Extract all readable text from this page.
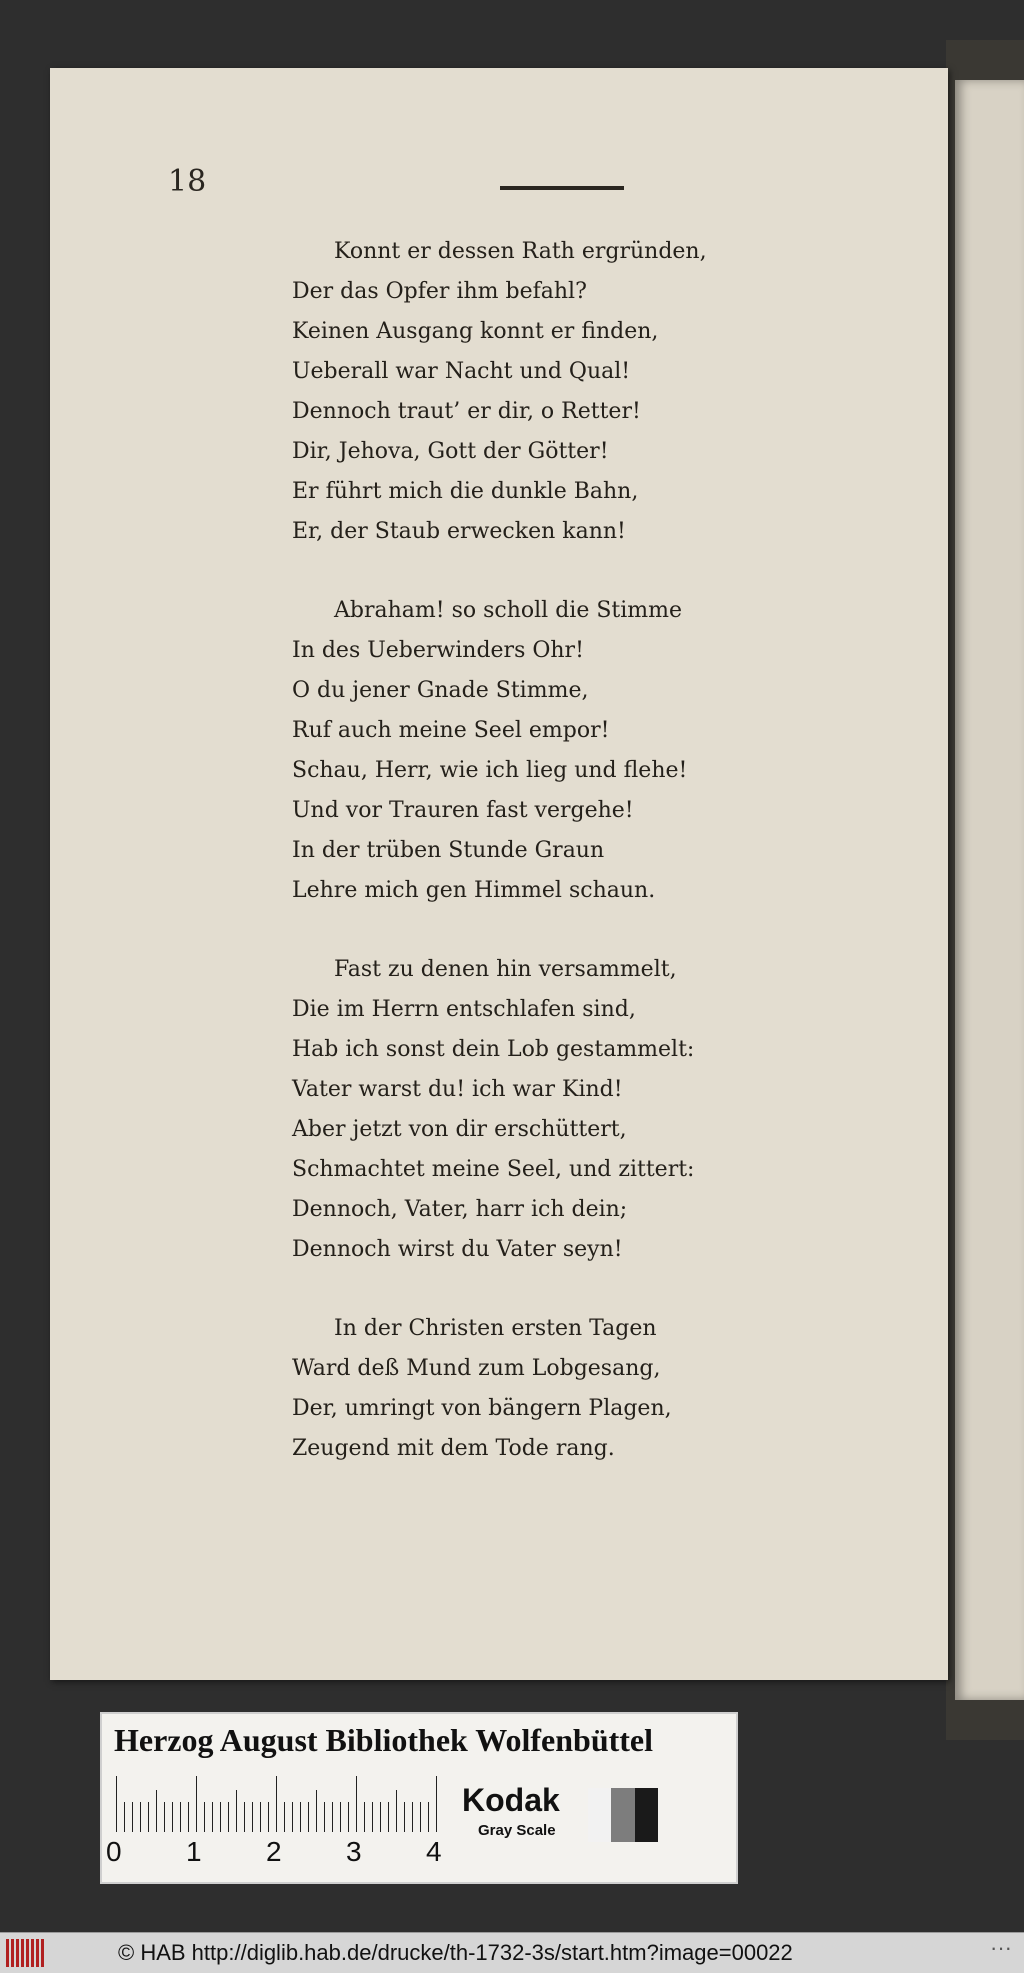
18
Konnt er dessen Rath ergründen,
Der das Opfer ihm befahl?
Keinen Ausgang konnt er finden,
Ueberall war Nacht und Qual!
Dennoch traut’ er dir, o Retter!
Dir, Jehova, Gott der Götter!
Er führt mich die dunkle Bahn,
Er, der Staub erwecken kann!
Abraham! so scholl die Stimme
In des Ueberwinders Ohr!
O du jener Gnade Stimme,
Ruf auch meine Seel empor!
Schau, Herr, wie ich lieg und flehe!
Und vor Trauren fast vergehe!
In der trüben Stunde Graun
Lehre mich gen Himmel schaun.
Fast zu denen hin versammelt,
Die im Herrn entschlafen sind,
Hab ich sonst dein Lob gestammelt:
Vater warst du! ich war Kind!
Aber jetzt von dir erschüttert,
Schmachtet meine Seel, und zittert:
Dennoch, Vater, harr ich dein;
Dennoch wirst du Vater seyn!
In der Christen ersten Tagen
Ward deß Mund zum Lobgesang,
Der, umringt von bängern Plagen,
Zeugend mit dem Tode rang.
Herzog August Bibliothek Wolfenbüttel
0 1 2 3 4
Kodak
Gray Scale
© HAB http://diglib.hab.de/drucke/th-1732-3s/start.htm?image=00022	···
